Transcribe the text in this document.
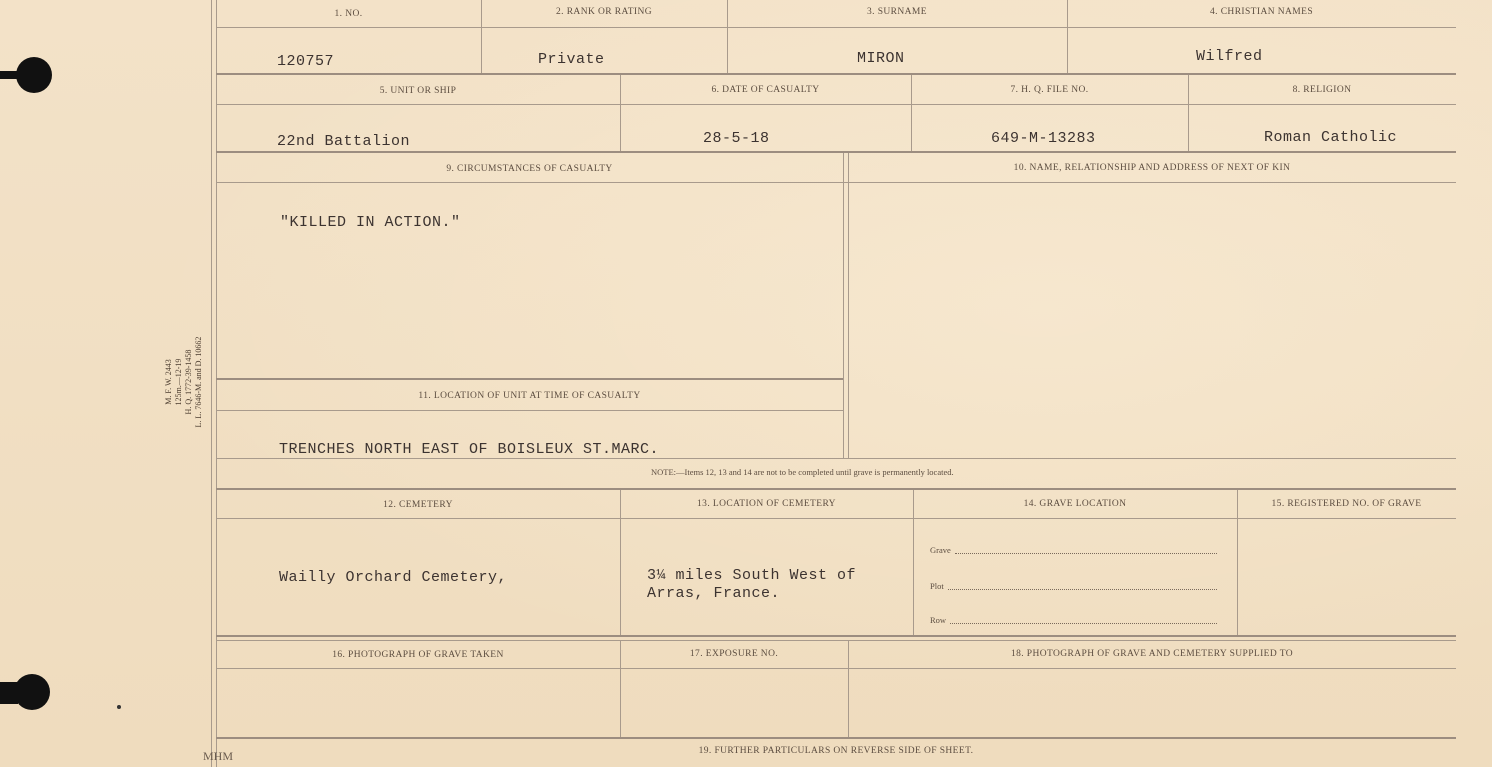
M. F. W. 2443 125m.—12-19 H. Q. 1772-39-1458 L. L. 7646-M. and D. 10662
1. NO.	2. RANK OR RATING	3. SURNAME	4. CHRISTIAN NAMES
120757	Private	MIRON	Wilfred
5. UNIT OR SHIP	6. DATE OF CASUALTY	7. H. Q. FILE NO.	8. RELIGION
22nd Battalion	28-5-18	649-M-13283	Roman Catholic
9. CIRCUMSTANCES OF CASUALTY	10. NAME, RELATIONSHIP AND ADDRESS OF NEXT OF KIN
"KILLED IN ACTION."
11. LOCATION OF UNIT AT TIME OF CASUALTY
TRENCHES NORTH EAST OF BOISLEUX ST.MARC.
NOTE:—Items 12, 13 and 14 are not to be completed until grave is permanently located.
12. CEMETERY	13. LOCATION OF CEMETERY	14. GRAVE LOCATION	15. REGISTERED NO. OF GRAVE
Wailly Orchard Cemetery,	3¼ miles South West of
Arras, France.
Grave
Plot
Row
16. PHOTOGRAPH OF GRAVE TAKEN	17. EXPOSURE NO.	18. PHOTOGRAPH OF GRAVE AND CEMETERY SUPPLIED TO
19. FURTHER PARTICULARS ON REVERSE SIDE OF SHEET.
MHM
